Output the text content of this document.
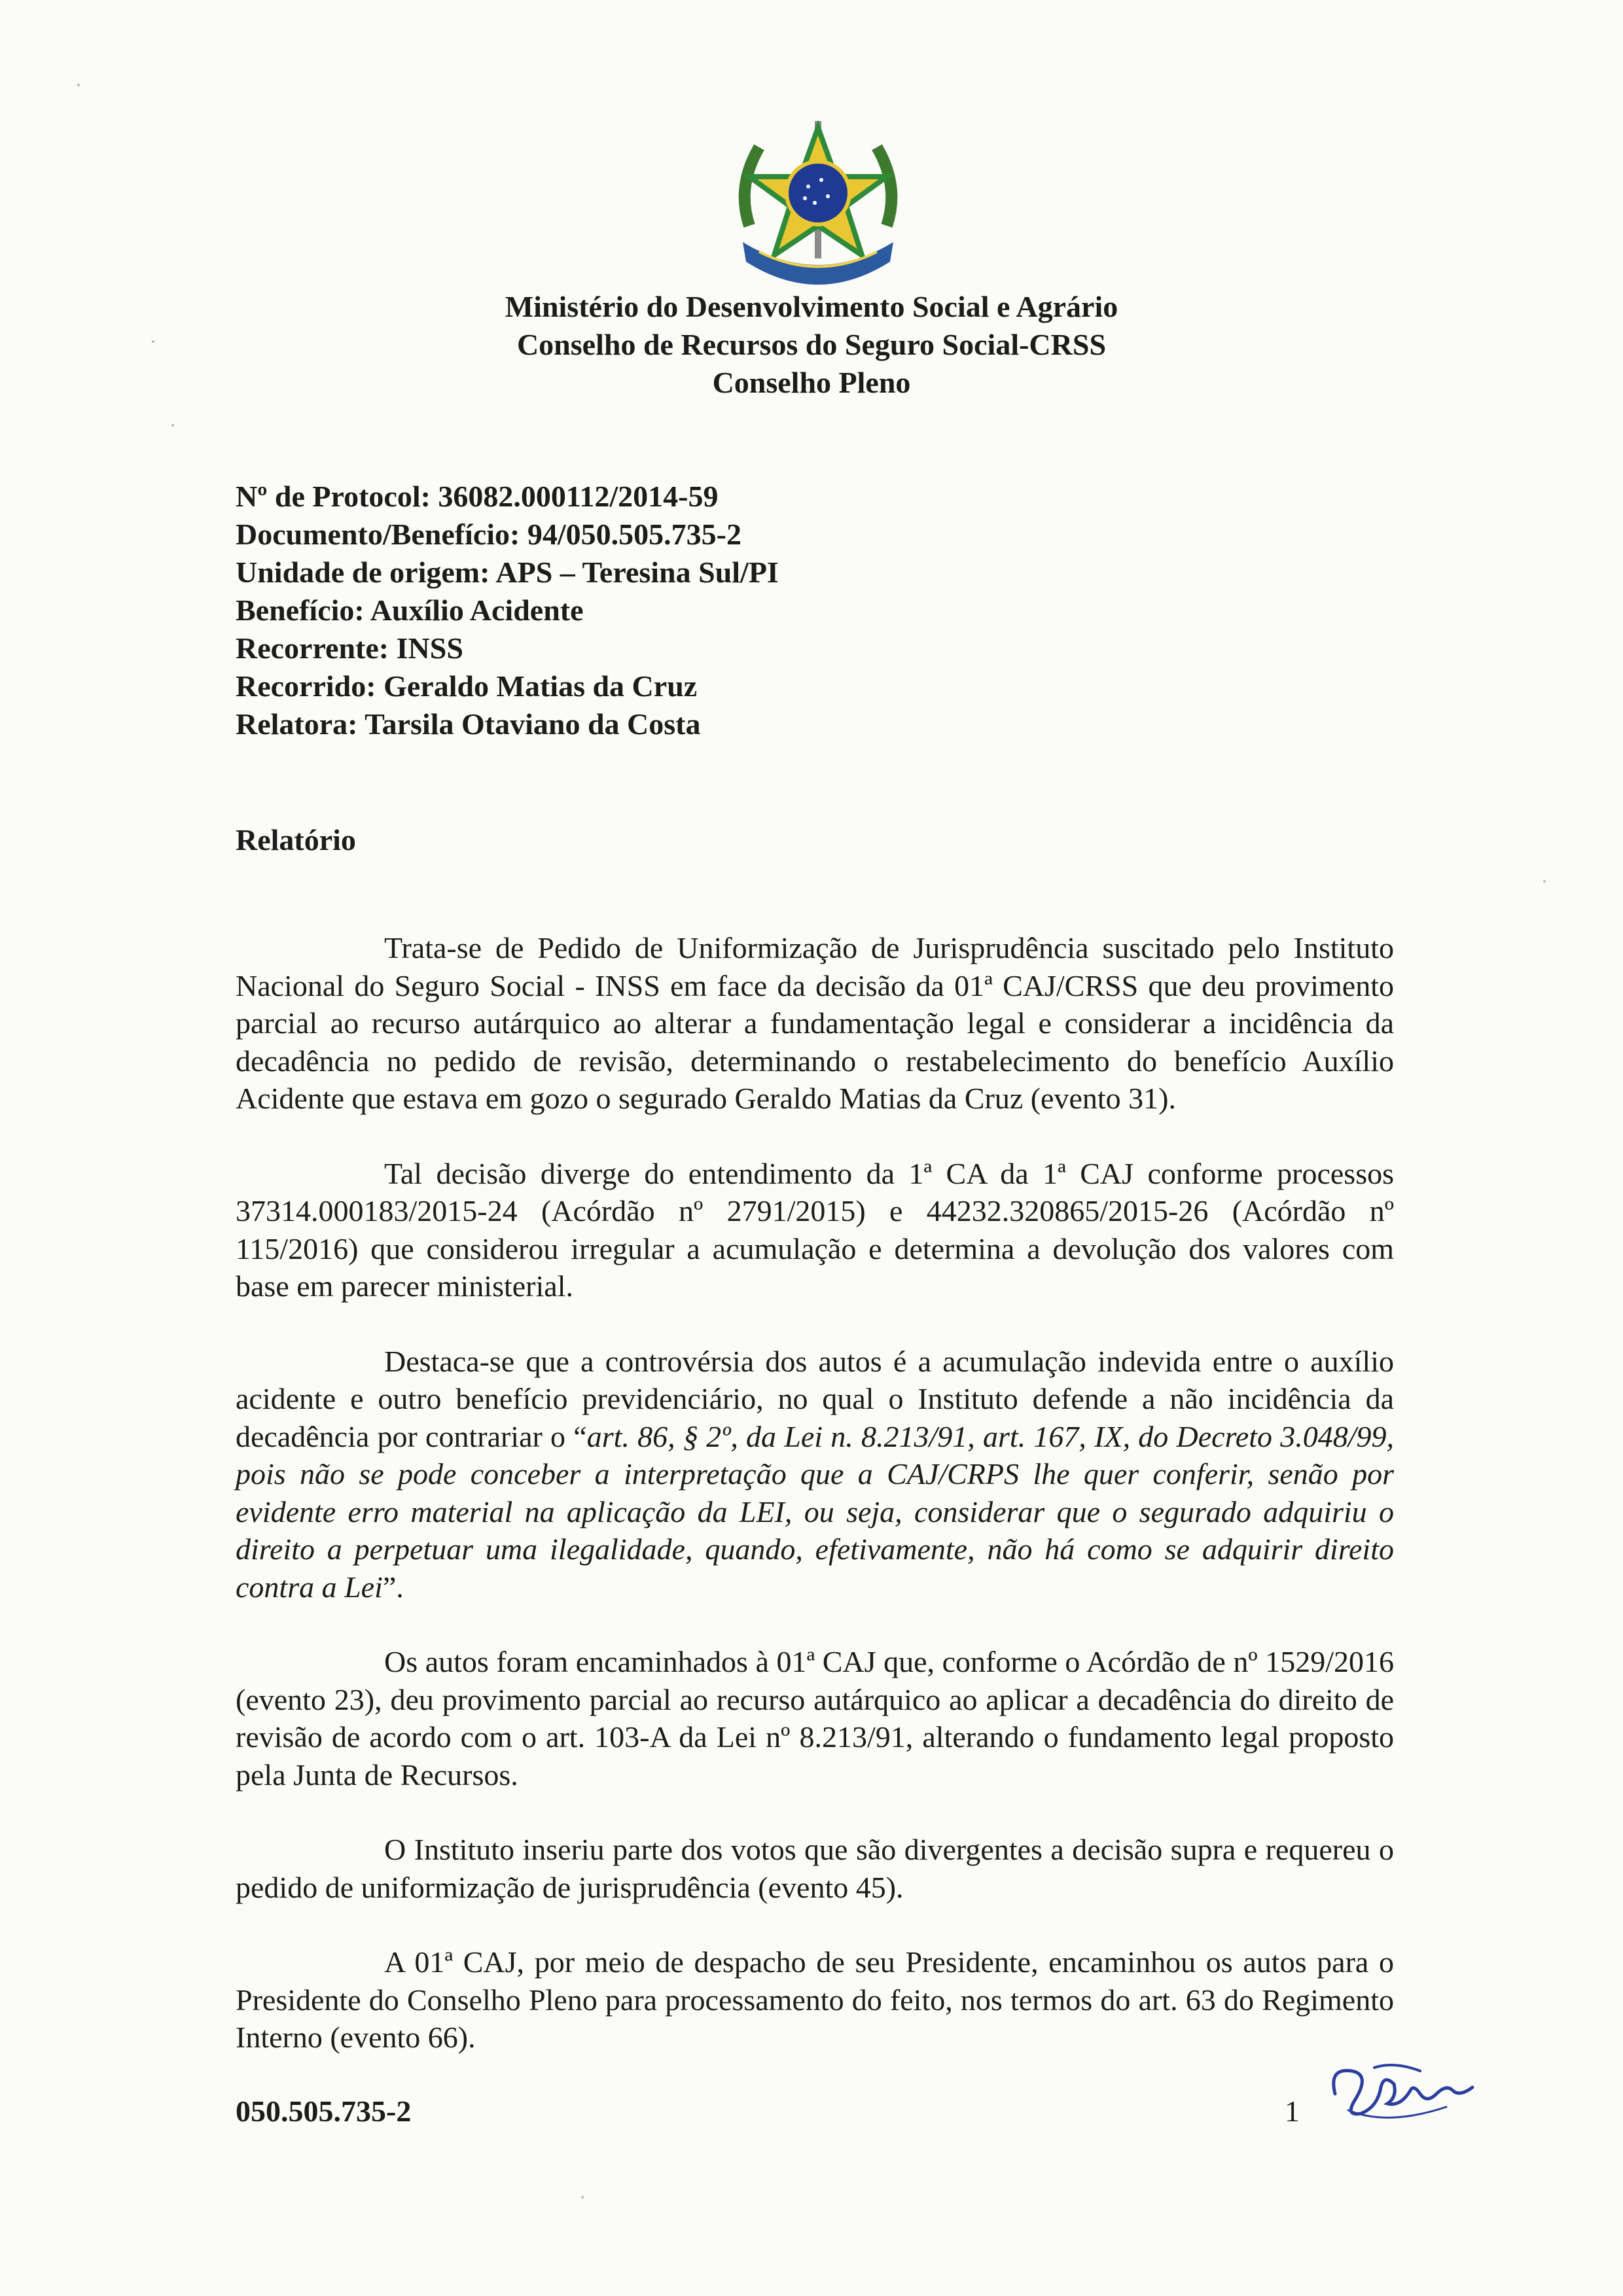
Ministério do Desenvolvimento Social e Agrário
Conselho de Recursos do Seguro Social-CRSS
Conselho Pleno
Nº de Protocol: 36082.000112/2014-59
Documento/Benefício: 94/050.505.735-2
Unidade de origem: APS – Teresina Sul/PI
Benefício: Auxílio Acidente
Recorrente: INSS
Recorrido: Geraldo Matias da Cruz
Relatora: Tarsila Otaviano da Costa
Relatório

Trata-se de Pedido de Uniformização de Jurisprudência suscitado pelo Instituto Nacional do Seguro Social - INSS em face da decisão da 01ª CAJ/CRSS que deu provimento parcial ao recurso autárquico ao alterar a fundamentação legal e considerar a incidência da decadência no pedido de revisão, determinando o restabelecimento do benefício Auxílio Acidente que estava em gozo o segurado Geraldo Matias da Cruz (evento 31).

Tal decisão diverge do entendimento da 1ª CA da 1ª CAJ conforme processos 37314.000183/2015-24 (Acórdão nº 2791/2015) e 44232.320865/2015-26 (Acórdão nº 115/2016) que considerou irregular a acumulação e determina a devolução dos valores com base em parecer ministerial.

Destaca-se que a controvérsia dos autos é a acumulação indevida entre o auxílio acidente e outro benefício previdenciário, no qual o Instituto defende a não incidência da decadência por contrariar o “art. 86, § 2º, da Lei n. 8.213/91, art. 167, IX, do Decreto 3.048/99, pois não se pode conceber a interpretação que a CAJ/CRPS lhe quer conferir, senão por evidente erro material na aplicação da LEI, ou seja, considerar que o segurado adquiriu o direito a perpetuar uma ilegalidade, quando, efetivamente, não há como se adquirir direito contra a Lei”.

Os autos foram encaminhados à 01ª CAJ que, conforme o Acórdão de nº 1529/2016 (evento 23), deu provimento parcial ao recurso autárquico ao aplicar a decadência do direito de revisão de acordo com o art. 103-A da Lei nº 8.213/91, alterando o fundamento legal proposto pela Junta de Recursos.

O Instituto inseriu parte dos votos que são divergentes a decisão supra e requereu o pedido de uniformização de jurisprudência (evento 45).

A 01ª CAJ, por meio de despacho de seu Presidente, encaminhou os autos para o Presidente do Conselho Pleno para processamento do feito, nos termos do art. 63 do Regimento Interno (evento 66).

050.505.735-2	1
